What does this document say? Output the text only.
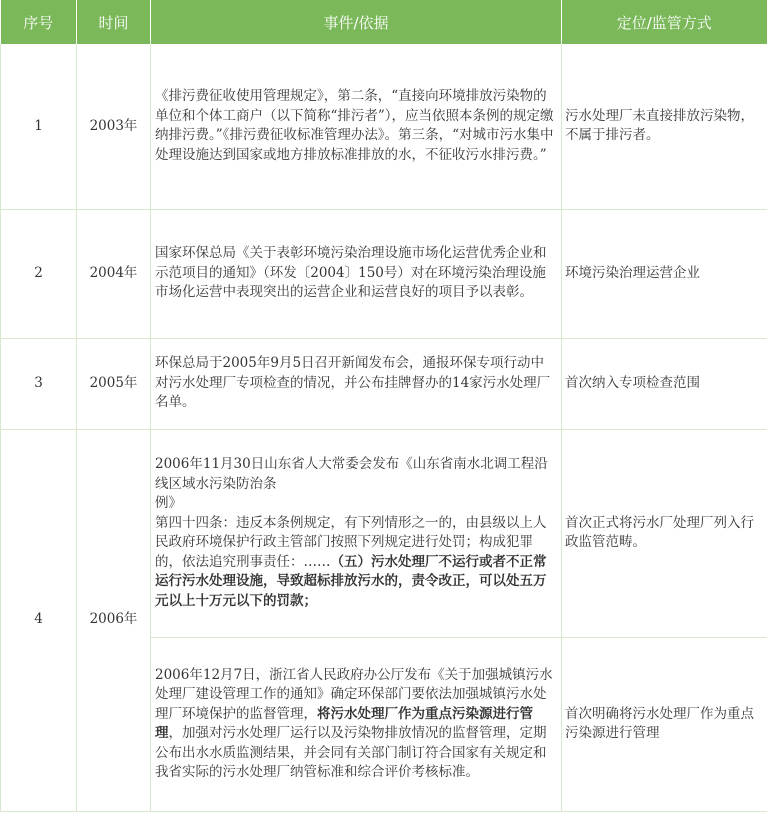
序号	时间	事件/依据	定位/监管方式
1	2003年	《排污费征收使用管理规定》，第二条，“直接向环境排放污染物的单位和个体工商户（以下简称“排污者”），应当依照本条例的规定缴纳排污费。”《排污费征收标准管理办法》。第三条，“对城市污水集中处理设施达到国家或地方排放标准排放的水，不征收污水排污费。”	污水处理厂未直接排放污染物，不属于排污者。
2	2004年	国家环保总局《关于表彰环境污染治理设施市场化运营优秀企业和示范项目的通知》（环发〔2004〕150号）对在环境污染治理设施市场化运营中表现突出的运营企业和运营良好的项目予以表彰。	环境污染治理运营企业
3	2005年	环保总局于2005年9月5日召开新闻发布会，通报环保专项行动中对污水处理厂专项检查的情况，并公布挂牌督办的14家污水处理厂名单。	首次纳入专项检查范围
4	2006年	2006年11月30日山东省人大常委会发布《山东省南水北调工程沿线区域水污染防治条
例》
第四十四条：违反本条例规定，有下列情形之一的，由县级以上人民政府环境保护行政主管部门按照下列规定进行处罚；构成犯罪的，依法追究刑事责任：……（五）污水处理厂不运行或者不正常运行污水处理设施，导致超标排放污水的，责令改正，可以处五万元以上十万元以下的罚款；	首次正式将污水厂处理厂列入行政监管范畴。
		2006年12月7日，浙江省人民政府办公厅发布《关于加强城镇污水处理厂建设管理工作的通知》确定环保部门要依法加强城镇污水处理厂环境保护的监督管理，将污水处理厂作为重点污染源进行管理，加强对污水处理厂运行以及污染物排放情况的监督管理，定期公布出水水质监测结果，并会同有关部门制订符合国家有关规定和我省实际的污水处理厂纳管标准和综合评价考核标准。	首次明确将污水处理厂作为重点污染源进行管理
